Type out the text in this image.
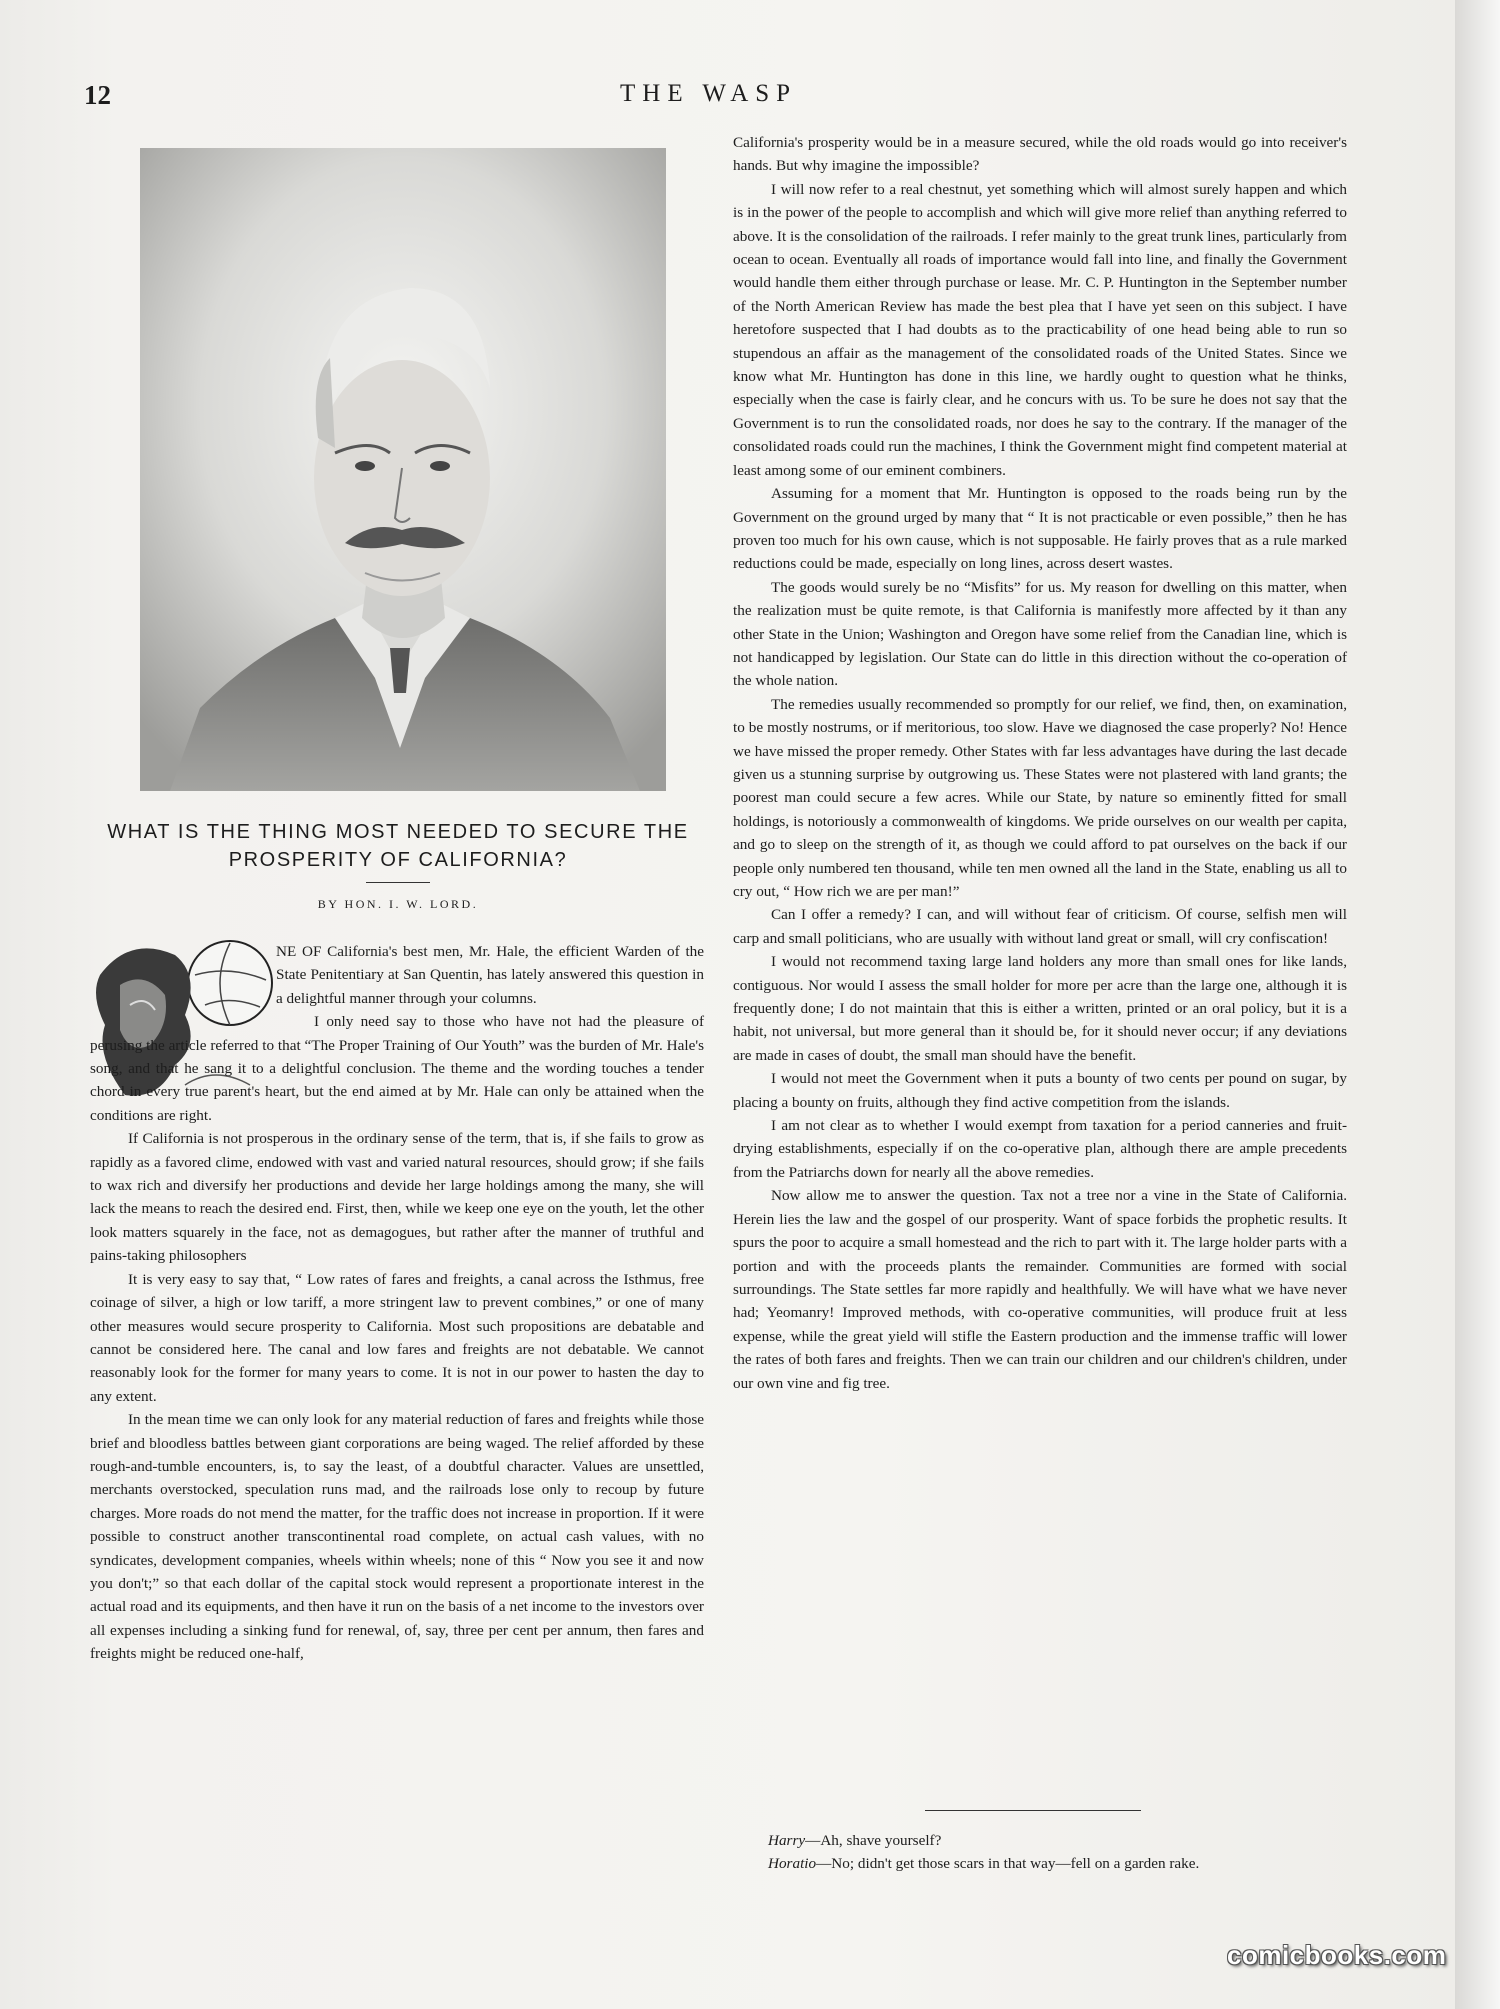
12	THE WASP
WHAT IS THE THING MOST NEEDED TO SECURE THE PROSPERITY OF CALIFORNIA?
BY HON. I. W. LORD.

NE OF California's best men, Mr. Hale, the efficient Warden of the State Penitentiary at San Quentin, has lately answered this question in a delightful manner through your columns.

I only need say to those who have not had the pleasure of perusing the article referred to that “The Proper Training of Our Youth” was the burden of Mr. Hale's song, and that he sang it to a delightful conclusion. The theme and the wording touches a tender chord in every true parent's heart, but the end aimed at by Mr. Hale can only be attained when the conditions are right.

If California is not prosperous in the ordinary sense of the term, that is, if she fails to grow as rapidly as a favored clime, endowed with vast and varied natural resources, should grow; if she fails to wax rich and diversify her productions and devide her large holdings among the many, she will lack the means to reach the desired end. First, then, while we keep one eye on the youth, let the other look matters squarely in the face, not as demagogues, but rather after the manner of truthful and pains-taking philosophers

It is very easy to say that, “ Low rates of fares and freights, a canal across the Isthmus, free coinage of silver, a high or low tariff, a more stringent law to prevent combines,” or one of many other measures would secure prosperity to California. Most such propositions are debatable and cannot be considered here. The canal and low fares and freights are not debatable. We cannot reasonably look for the former for many years to come. It is not in our power to hasten the day to any extent.

In the mean time we can only look for any material reduction of fares and freights while those brief and bloodless battles between giant corporations are being waged. The relief afforded by these rough-and-tumble encounters, is, to say the least, of a doubtful character. Values are unsettled, merchants overstocked, speculation runs mad, and the railroads lose only to recoup by future charges. More roads do not mend the matter, for the traffic does not increase in proportion. If it were possible to construct another transcontinental road complete, on actual cash values, with no syndicates, development companies, wheels within wheels; none of this “ Now you see it and now you don't;” so that each dollar of the capital stock would represent a proportionate interest in the actual road and its equipments, and then have it run on the basis of a net income to the investors over all expenses including a sinking fund for renewal, of, say, three per cent per annum, then fares and freights might be reduced one-half,

California's prosperity would be in a measure secured, while the old roads would go into receiver's hands. But why imagine the impossible?

I will now refer to a real chestnut, yet something which will almost surely happen and which is in the power of the people to accomplish and which will give more relief than anything referred to above. It is the consolidation of the railroads. I refer mainly to the great trunk lines, particularly from ocean to ocean. Eventually all roads of importance would fall into line, and finally the Government would handle them either through purchase or lease. Mr. C. P. Huntington in the September number of the North American Review has made the best plea that I have yet seen on this subject. I have heretofore suspected that I had doubts as to the practicability of one head being able to run so stupendous an affair as the management of the consolidated roads of the United States. Since we know what Mr. Huntington has done in this line, we hardly ought to question what he thinks, especially when the case is fairly clear, and he concurs with us. To be sure he does not say that the Government is to run the consolidated roads, nor does he say to the contrary. If the manager of the consolidated roads could run the machines, I think the Government might find competent material at least among some of our eminent combiners.

Assuming for a moment that Mr. Huntington is opposed to the roads being run by the Government on the ground urged by many that “ It is not practicable or even possible,” then he has proven too much for his own cause, which is not supposable. He fairly proves that as a rule marked reductions could be made, especially on long lines, across desert wastes.

The goods would surely be no “Misfits” for us. My reason for dwelling on this matter, when the realization must be quite remote, is that California is manifestly more affected by it than any other State in the Union; Washington and Oregon have some relief from the Canadian line, which is not handicapped by legislation. Our State can do little in this direction without the co-operation of the whole nation.

The remedies usually recommended so promptly for our relief, we find, then, on examination, to be mostly nostrums, or if meritorious, too slow. Have we diagnosed the case properly? No! Hence we have missed the proper remedy. Other States with far less advantages have during the last decade given us a stunning surprise by outgrowing us. These States were not plastered with land grants; the poorest man could secure a few acres. While our State, by nature so eminently fitted for small holdings, is notoriously a commonwealth of kingdoms. We pride ourselves on our wealth per capita, and go to sleep on the strength of it, as though we could afford to pat ourselves on the back if our people only numbered ten thousand, while ten men owned all the land in the State, enabling us all to cry out, “ How rich we are per man!”

Can I offer a remedy? I can, and will without fear of criticism. Of course, selfish men will carp and small politicians, who are usually with without land great or small, will cry confiscation!

I would not recommend taxing large land holders any more than small ones for like lands, contiguous. Nor would I assess the small holder for more per acre than the large one, although it is frequently done; I do not maintain that this is either a written, printed or an oral policy, but it is a habit, not universal, but more general than it should be, for it should never occur; if any deviations are made in cases of doubt, the small man should have the benefit.

I would not meet the Government when it puts a bounty of two cents per pound on sugar, by placing a bounty on fruits, although they find active competition from the islands.

I am not clear as to whether I would exempt from taxation for a period canneries and fruit-drying establishments, especially if on the co-operative plan, although there are ample precedents from the Patriarchs down for nearly all the above remedies.

Now allow me to answer the question. Tax not a tree nor a vine in the State of California. Herein lies the law and the gospel of our prosperity. Want of space forbids the prophetic results. It spurs the poor to acquire a small homestead and the rich to part with it. The large holder parts with a portion and with the proceeds plants the remainder. Communities are formed with social surroundings. The State settles far more rapidly and healthfully. We will have what we have never had; Yeomanry! Improved methods, with co-operative communities, will produce fruit at less expense, while the great yield will stifle the Eastern production and the immense traffic will lower the rates of both fares and freights. Then we can train our children and our children's children, under our own vine and fig tree.

Harry—Ah, shave yourself?
Horatio—No; didn't get those scars in that way—fell on a garden rake.
comicbooks.com
